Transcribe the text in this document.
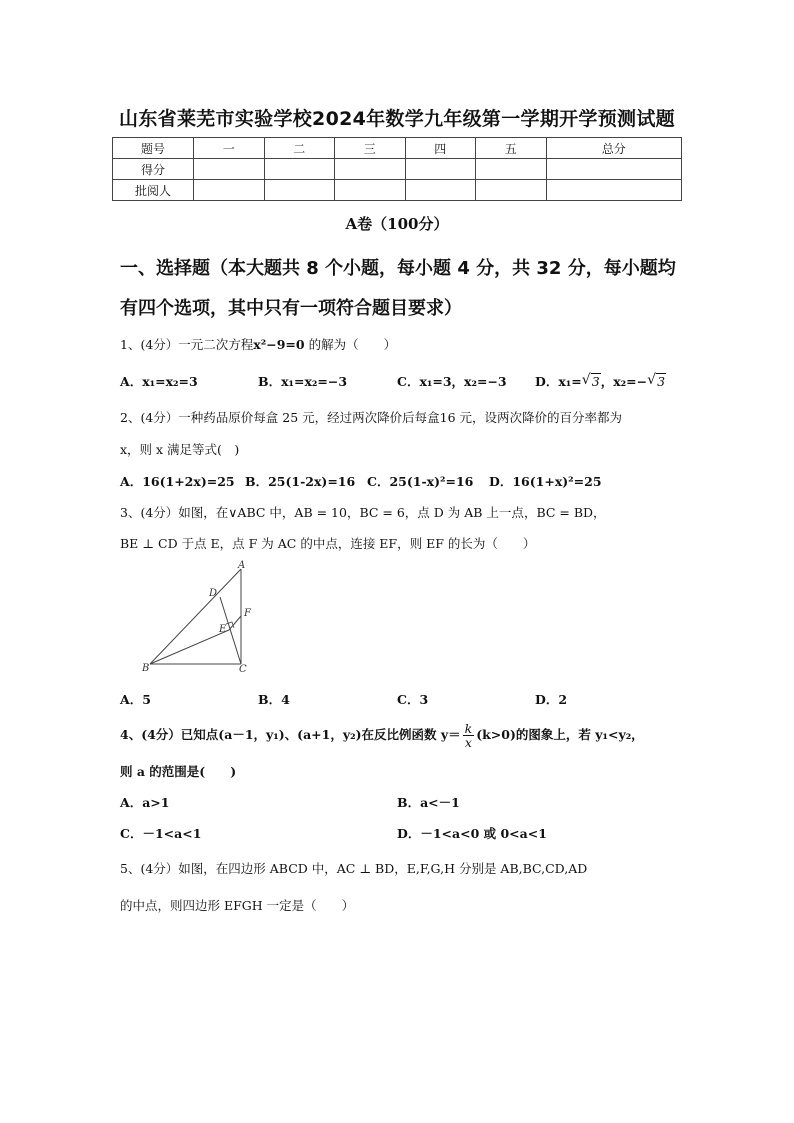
山东省莱芜市实验学校2024年数学九年级第一学期开学预测试题
题号	一	二	三	四	五	总分
得分						
批阅人						
A卷（100分）
一、选择题（本大题共 8 个小题，每小题 4 分，共 32 分，每小题均
有四个选项，其中只有一项符合题目要求）
1、(4分）一元二次方程x²−9=0 的解为（　　）
A．x₁=x₂=3	B．x₁=x₂=−3	C．x₁=3，x₂=−3 D．x₁= √ 3，x₂=− √ 3
2、(4分）一种药品原价每盒 25 元，经过两次降价后每盒16 元，设两次降价的百分率都为
x，则 x 满足等式(　)
A．16(1+2x)=25 B．25(1-2x)=16 C．25(1-x)²=16 D．16(1+x)²=25
3、(4分）如图，在∨ABC 中，AB = 10，BC = 6，点 D 为 AB 上一点，BC = BD，
BE ⊥ CD 于点 E，点 F 为 AC 的中点，连接 EF，则 EF 的长为（　　）
A
D
F
E
B	C
A．5	B．4	C．3	D．2
4、(4分）已知点(a－1，y₁)、(a+1，y₂)在反比例函数 $y= \frac{k}{x} (k>0)$的图象上，若 y₁<y₂，
则 a 的范围是(　　)
A．a>1	B．a<－1
C．－1<a<1	D．－1<a<0 或 0<a<1
5、(4分）如图，在四边形 ABCD 中，AC ⊥ BD，E,F,G,H 分别是 AB,BC,CD,AD
的中点，则四边形 EFGH 一定是（　　）
